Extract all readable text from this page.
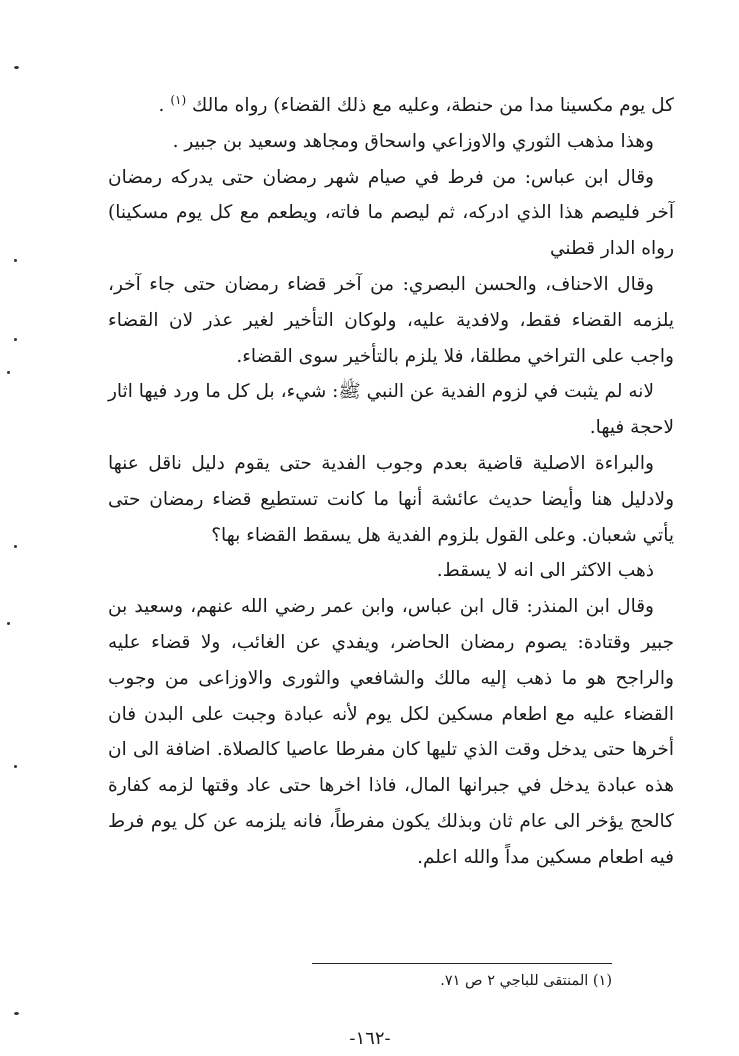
كل يوم مكسينا مدا من حنطة، وعليه مع ذلك القضاء) رواه مالك $^{(١)}$ .

وهذا مذهب الثوري والاوزاعي واسحاق ومجاهد وسعيد بن جبير .

وقال ابن عباس: من فرط في صيام شهر رمضان حتى يدركه رمضان آخر فليصم هذا الذي ادركه، ثم ليصم ما فاته، ويطعم مع كل يوم مسكينا) رواه الدار قطني

وقال الاحناف، والحسن البصري: من آخر قضاء رمضان حتى جاء آخر، يلزمه القضاء فقط، ولافدية عليه، ولوكان التأخير لغير عذر لان القضاء واجب على التراخي مطلقا، فلا يلزم بالتأخير سوى القضاء.

لانه لم يثبت في لزوم الفدية عن النبي ﷺ: شيء، بل كل ما ورد فيها اثار لاحجة فيها.

والبراءة الاصلية قاضية بعدم وجوب الفدية حتى يقوم دليل ناقل عنها ولادليل هنا وأيضا حديث عائشة أنها ما كانت تستطيع قضاء رمضان حتى يأتي شعبان. وعلى القول بلزوم الفدية هل يسقط القضاء بها؟

ذهب الاكثر الى انه لا يسقط.

وقال ابن المنذر: قال ابن عباس، وابن عمر رضي الله عنهم، وسعيد بن جبير وقتادة: يصوم رمضان الحاضر، ويفدي عن الغائب، ولا قضاء عليه والراجح هو ما ذهب إليه مالك والشافعي والثورى والاوزاعى من وجوب القضاء عليه مع اطعام مسكين لكل يوم لأنه عبادة وجبت على البدن فان أخرها حتى يدخل وقت الذي تليها كان مفرطا عاصيا كالصلاة. اضافة الى ان هذه عبادة يدخل في جبرانها المال، فاذا اخرها حتى عاد وقتها لزمه كفارة كالحج يؤخر الى عام ثان وبذلك يكون مفرطاً، فانه يلزمه عن كل يوم فرط فيه اطعام مسكين مداً والله اعلم.

(١) المنتقى للباجي ٢ ص ٧١.
-١٦٢-
